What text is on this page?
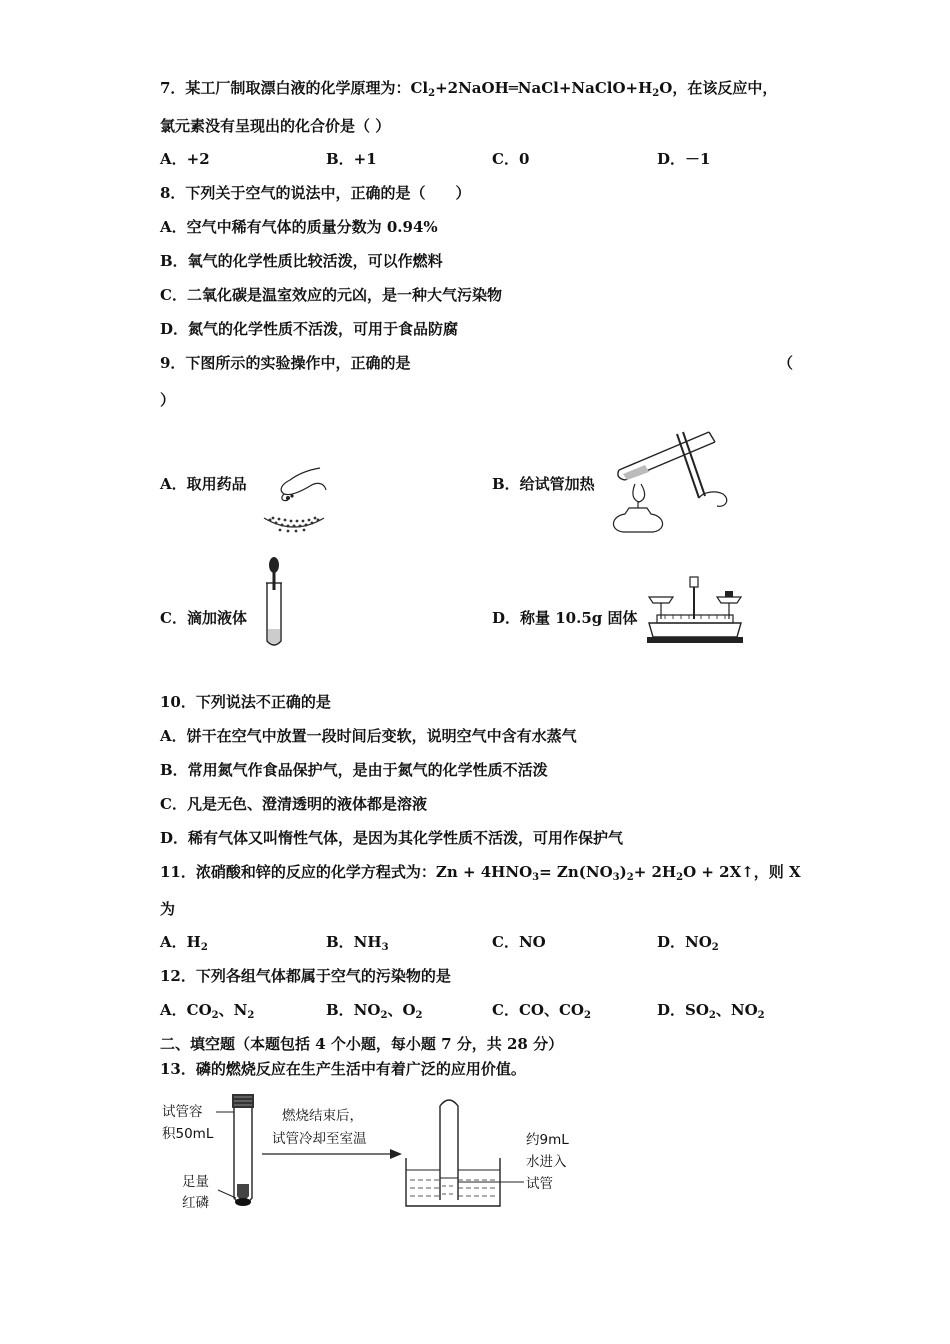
7．某工厂制取漂白液的化学原理为：$Cl_2+2NaOH═NaCl+NaClO+H_2O$，在该反应中，
氯元素没有呈现出的化合价是（ ）
A．+2	B．+1	C．0	D．－1
8．下列关于空气的说法中，正确的是（　　）
A．空气中稀有气体的质量分数为 0.94%
B．氧气的化学性质比较活泼，可以作燃料
C．二氧化碳是温室效应的元凶，是一种大气污染物
D．氮气的化学性质不活泼，可用于食品防腐
9．下图所示的实验操作中，正确的是	（
）
A．取用药品	B．给试管加热
C．滴加液体	D．称量 10.5g 固体
10．下列说法不正确的是
A．饼干在空气中放置一段时间后变软，说明空气中含有水蒸气
B．常用氮气作食品保护气，是由于氮气的化学性质不活泼
C．凡是无色、澄清透明的液体都是溶液
D．稀有气体又叫惰性气体，是因为其化学性质不活泼，可用作保护气
11．浓硝酸和锌的反应的化学方程式为：$Zn + 4HNO_3= Zn(NO_3)_2+ 2H_2O$ + 2X↑，则 X
为
A．$H_2$	B．$NH_3$	C．NO	D．$NO_2$
12．下列各组气体都属于空气的污染物的是
A．$CO_2$、$N_2$	B．$NO_2$、$O_2$	C．CO、$CO_2$	D．$SO_2$、$NO_2$
二、填空题（本题包括 4 个小题，每小题 7 分，共 28 分）
13．磷的燃烧反应在生产生活中有着广泛的应用价值。
试管容
积50mL
足量
红磷
燃烧结束后，
试管冷却至室温	约9mL
水进入
试管
